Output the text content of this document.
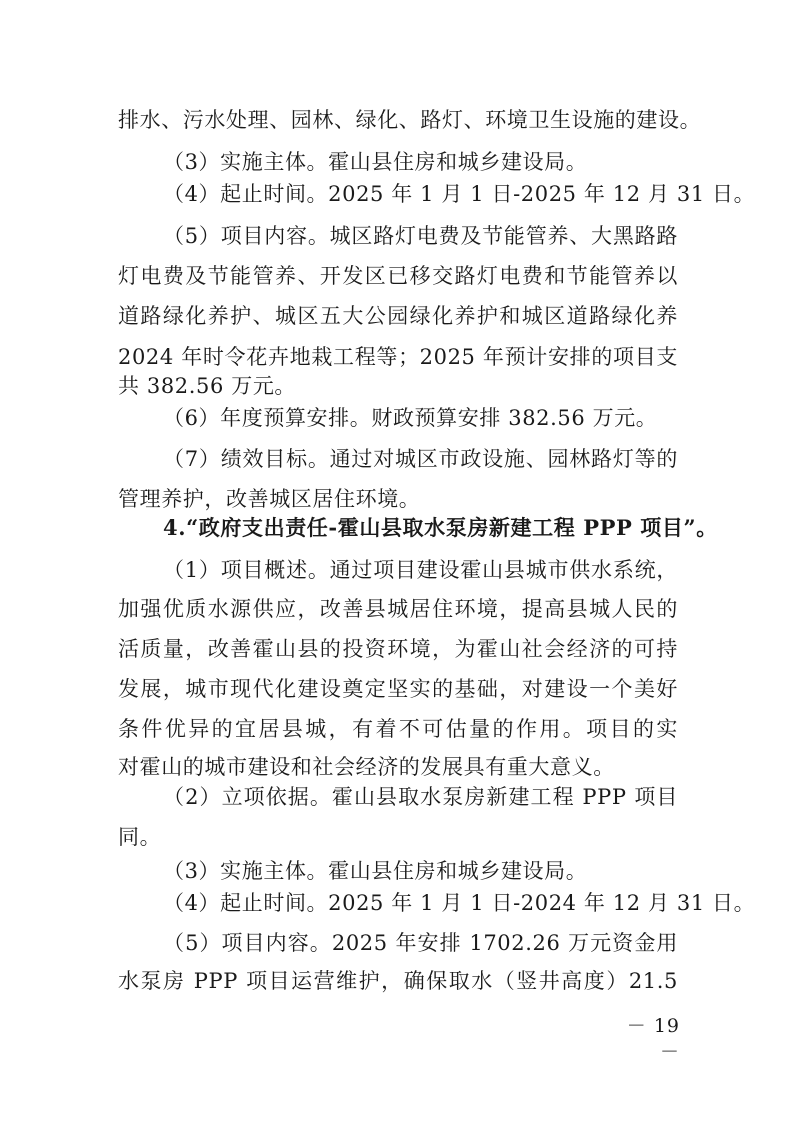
排水、污水处理、园林、绿化、路灯、环境卫生设施的建设。
（3）实施主体。霍山县住房和城乡建设局。
（4）起止时间。2025 年 1 月 1 日-2025 年 12 月 31 日。
（5）项目内容。城区路灯电费及节能管养、大黑路路
灯电费及节能管养、开发区已移交路灯电费和节能管养以
道路绿化养护、城区五大公园绿化养护和城区道路绿化养
2024 年时令花卉地栽工程等；2025 年预计安排的项目支
共 382.56 万元。
（6）年度预算安排。财政预算安排 382.56 万元。
（7）绩效目标。通过对城区市政设施、园林路灯等的
管理养护，改善城区居住环境。
4.“政府支出责任-霍山县取水泵房新建工程 PPP 项目”。
（1）项目概述。通过项目建设霍山县城市供水系统，
加强优质水源供应，改善县城居住环境，提高县城人民的
活质量，改善霍山县的投资环境，为霍山社会经济的可持
发展，城市现代化建设奠定坚实的基础，对建设一个美好
条件优异的宜居县城，有着不可估量的作用。项目的实
对霍山的城市建设和社会经济的发展具有重大意义。
（2）立项依据。霍山县取水泵房新建工程 PPP 项目
同。
（3）实施主体。霍山县住房和城乡建设局。
（4）起止时间。2025 年 1 月 1 日-2024 年 12 月 31 日。
（5）项目内容。2025 年安排 1702.26 万元资金用
水泵房 PPP 项目运营维护，确保取水（竖井高度）21.5
－ 19 －
